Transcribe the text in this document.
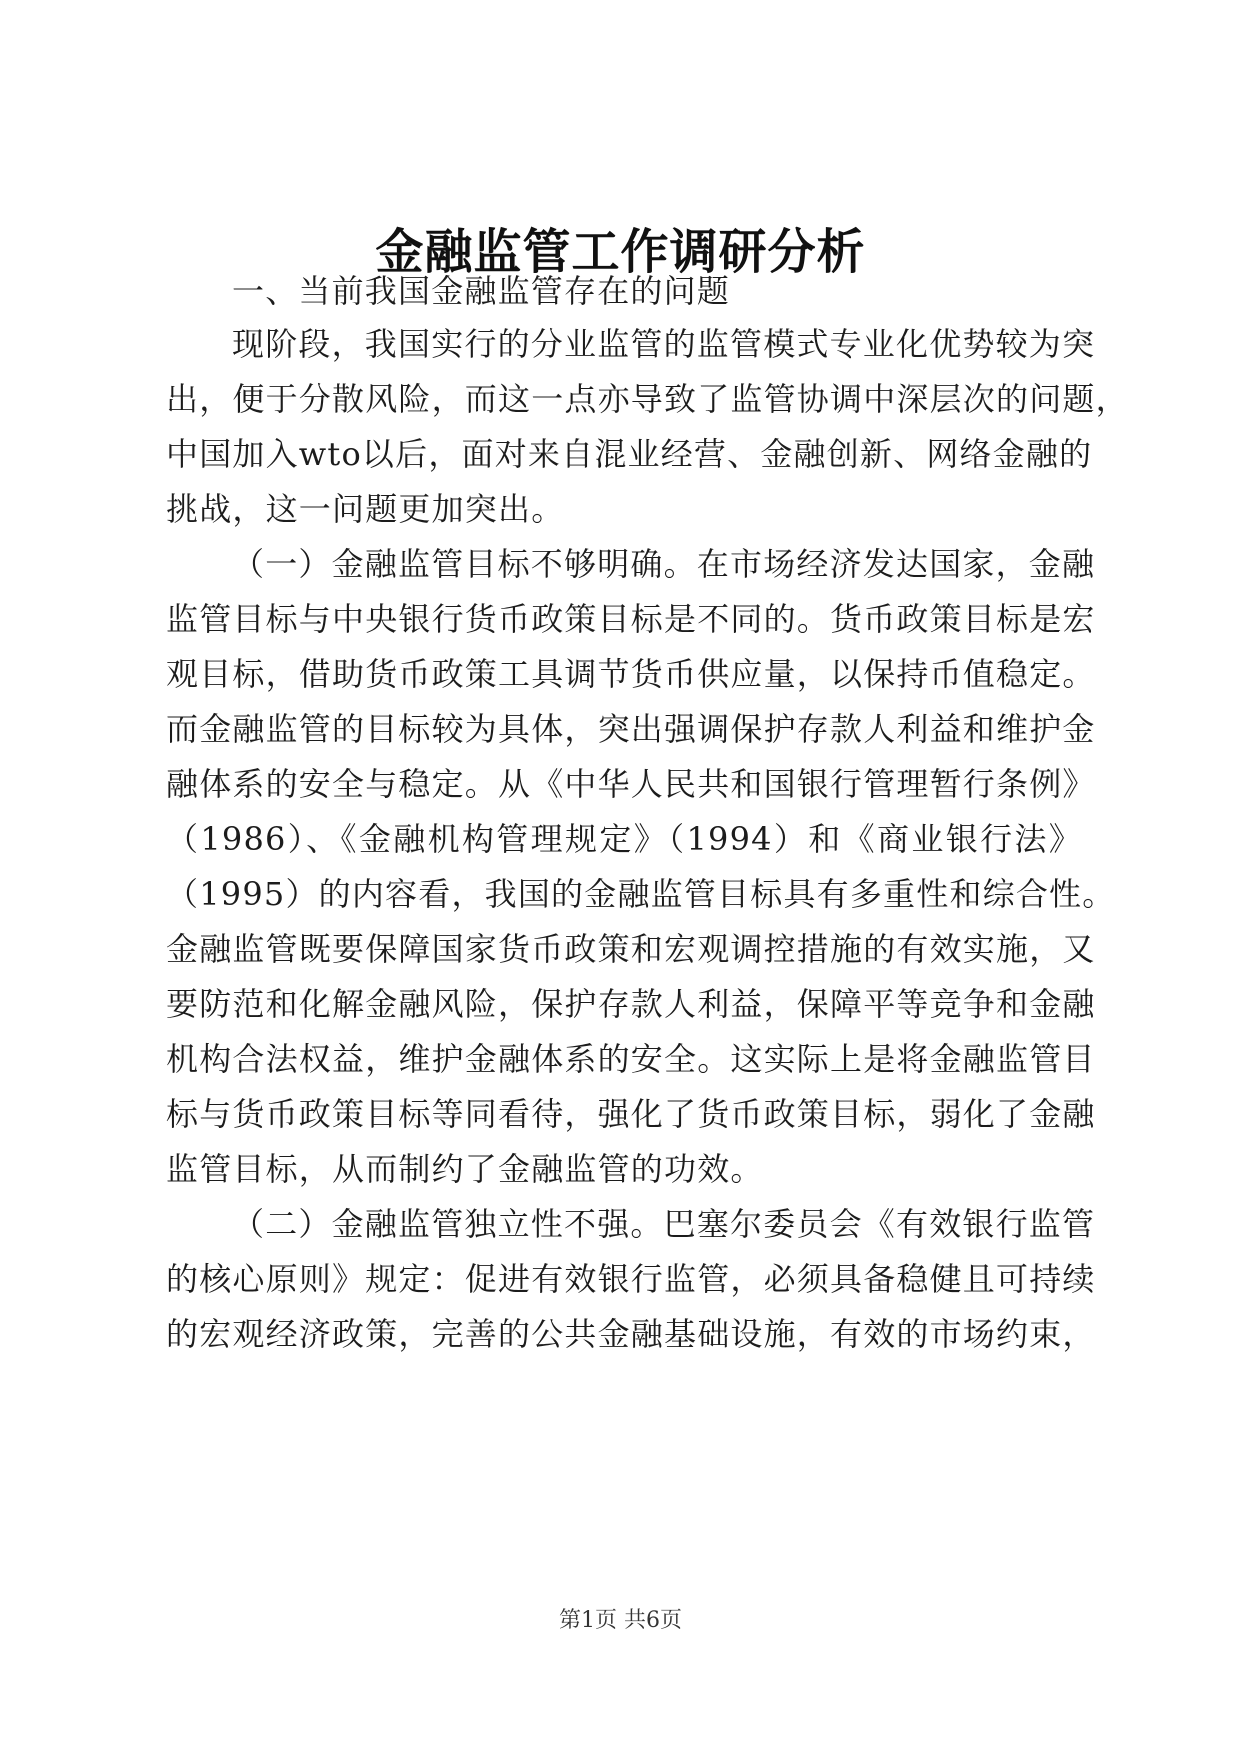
金融监管工作调研分析
一、当前我国金融监管存在的问题
现阶段，我国实行的分业监管的监管模式专业化优势较为突
出，便于分散风险，而这一点亦导致了监管协调中深层次的问题，
中国加入wto以后，面对来自混业经营、金融创新、网络金融的
挑战，这一问题更加突出。
（一）金融监管目标不够明确。在市场经济发达国家，金融
监管目标与中央银行货币政策目标是不同的。货币政策目标是宏
观目标，借助货币政策工具调节货币供应量，以保持币值稳定。
而金融监管的目标较为具体，突出强调保护存款人利益和维护金
融体系的安全与稳定。从《中华人民共和国银行管理暂行条例》
（1986）、《金融机构管理规定》（1994）和《商业银行法》
（1995）的内容看，我国的金融监管目标具有多重性和综合性。
金融监管既要保障国家货币政策和宏观调控措施的有效实施，又
要防范和化解金融风险，保护存款人利益，保障平等竞争和金融
机构合法权益，维护金融体系的安全。这实际上是将金融监管目
标与货币政策目标等同看待，强化了货币政策目标，弱化了金融
监管目标，从而制约了金融监管的功效。
（二）金融监管独立性不强。巴塞尔委员会《有效银行监管
的核心原则》规定：促进有效银行监管，必须具备稳健且可持续
的宏观经济政策，完善的公共金融基础设施，有效的市场约束，
第1页 共6页
